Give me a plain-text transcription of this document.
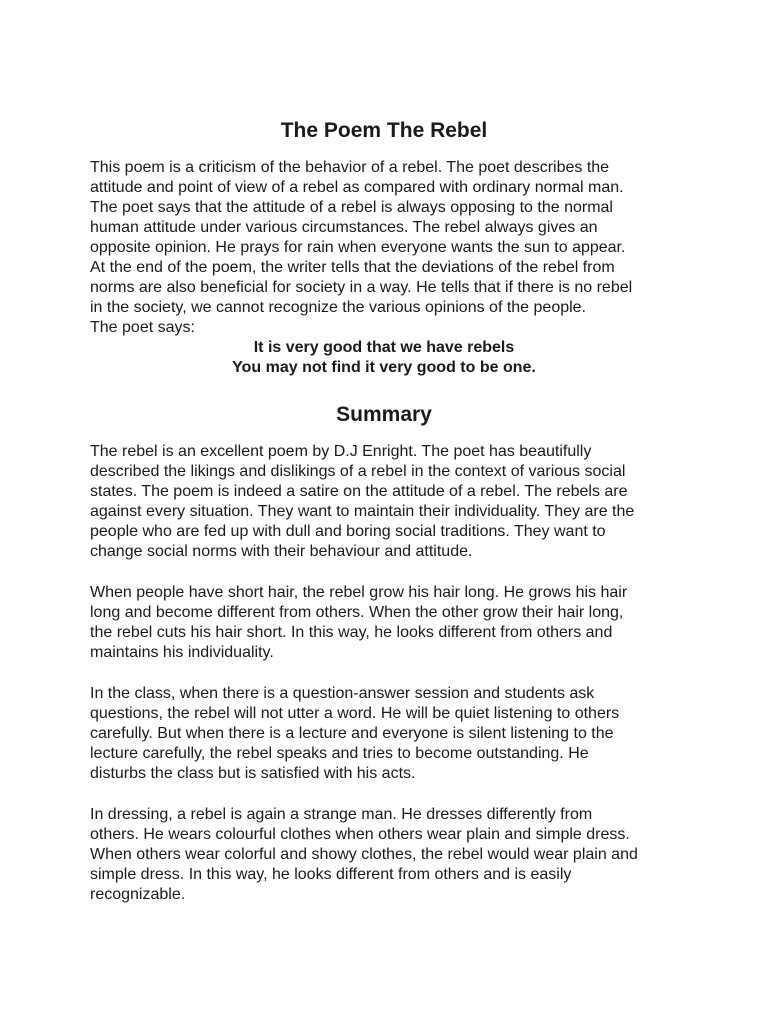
The Poem The Rebel
This poem is a criticism of the behavior of a rebel. The poet describes the
attitude and point of view of a rebel as compared with ordinary normal man.
The poet says that the attitude of a rebel is always opposing to the normal
human attitude under various circumstances. The rebel always gives an
opposite opinion. He prays for rain when everyone wants the sun to appear.
At the end of the poem, the writer tells that the deviations of the rebel from
norms are also beneficial for society in a way. He tells that if there is no rebel
in the society, we cannot recognize the various opinions of the people.
The poet says:
It is very good that we have rebels
You may not find it very good to be one.
Summary
The rebel is an excellent poem by D.J Enright. The poet has beautifully
described the likings and dislikings of a rebel in the context of various social
states. The poem is indeed a satire on the attitude of a rebel. The rebels are
against every situation. They want to maintain their individuality. They are the
people who are fed up with dull and boring social traditions. They want to
change social norms with their behaviour and attitude.
When people have short hair, the rebel grow his hair long. He grows his hair
long and become different from others. When the other grow their hair long,
the rebel cuts his hair short. In this way, he looks different from others and
maintains his individuality.
In the class, when there is a question-answer session and students ask
questions, the rebel will not utter a word. He will be quiet listening to others
carefully. But when there is a lecture and everyone is silent listening to the
lecture carefully, the rebel speaks and tries to become outstanding. He
disturbs the class but is satisfied with his acts.
In dressing, a rebel is again a strange man. He dresses differently from
others. He wears colourful clothes when others wear plain and simple dress.
When others wear colorful and showy clothes, the rebel would wear plain and
simple dress. In this way, he looks different from others and is easily
recognizable.
